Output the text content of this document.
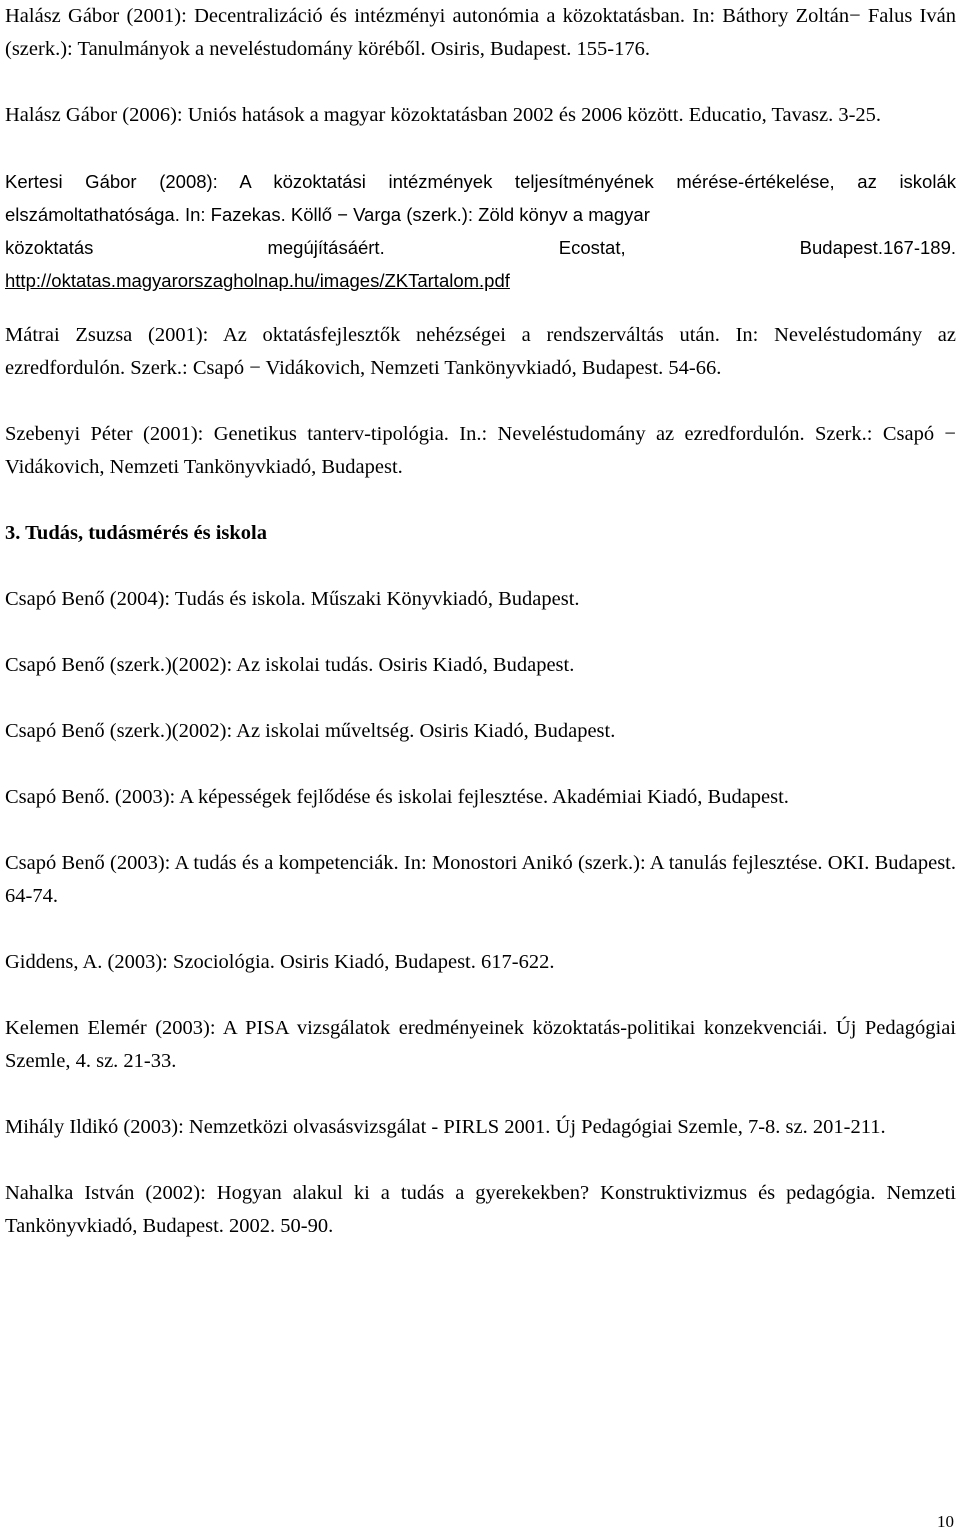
Halász Gábor (2001): Decentralizáció és intézményi autonómia a közoktatásban. In: Báthory Zoltán− Falus Iván (szerk.): Tanulmányok a neveléstudomány köréből. Osiris, Budapest. 155-176.

Halász Gábor (2006): Uniós hatások a magyar közoktatásban 2002 és 2006 között. Educatio, Tavasz. 3-25.

Kertesi Gábor (2008): A közoktatási intézmények teljesítményének mérése-értékelése, az iskolák elszámoltathatósága. In: Fazekas. Köllő − Varga (szerk.): Zöld könyv a magyar
közoktatás megújításáért. Ecostat, Budapest.167-189.
http://oktatas.magyarorszagholnap.hu/images/ZKTartalom.pdf

Mátrai Zsuzsa (2001): Az oktatásfejlesztők nehézségei a rendszerváltás után. In: Neveléstudomány az ezredfordulón. Szerk.: Csapó − Vidákovich, Nemzeti Tankönyvkiadó, Budapest. 54-66.

Szebenyi Péter (2001): Genetikus tanterv-tipológia. In.: Neveléstudomány az ezredfordulón. Szerk.: Csapó − Vidákovich, Nemzeti Tankönyvkiadó, Budapest.

3. Tudás, tudásmérés és iskola

Csapó Benő (2004): Tudás és iskola. Műszaki Könyvkiadó, Budapest.

Csapó Benő (szerk.)(2002): Az iskolai tudás. Osiris Kiadó, Budapest.

Csapó Benő (szerk.)(2002): Az iskolai műveltség. Osiris Kiadó, Budapest.

Csapó Benő. (2003): A képességek fejlődése és iskolai fejlesztése. Akadémiai Kiadó, Budapest.

Csapó Benő (2003): A tudás és a kompetenciák. In: Monostori Anikó (szerk.): A tanulás fejlesztése. OKI. Budapest. 64-74.

Giddens, A. (2003): Szociológia. Osiris Kiadó, Budapest. 617-622.

Kelemen Elemér (2003): A PISA vizsgálatok eredményeinek közoktatás-politikai konzekvenciái. Új Pedagógiai Szemle, 4. sz. 21-33.

Mihály Ildikó (2003): Nemzetközi olvasásvizsgálat - PIRLS 2001. Új Pedagógiai Szemle, 7-8. sz. 201-211.

Nahalka István (2002): Hogyan alakul ki a tudás a gyerekekben? Konstruktivizmus és pedagógia. Nemzeti Tankönyvkiadó, Budapest. 2002. 50-90.

10
